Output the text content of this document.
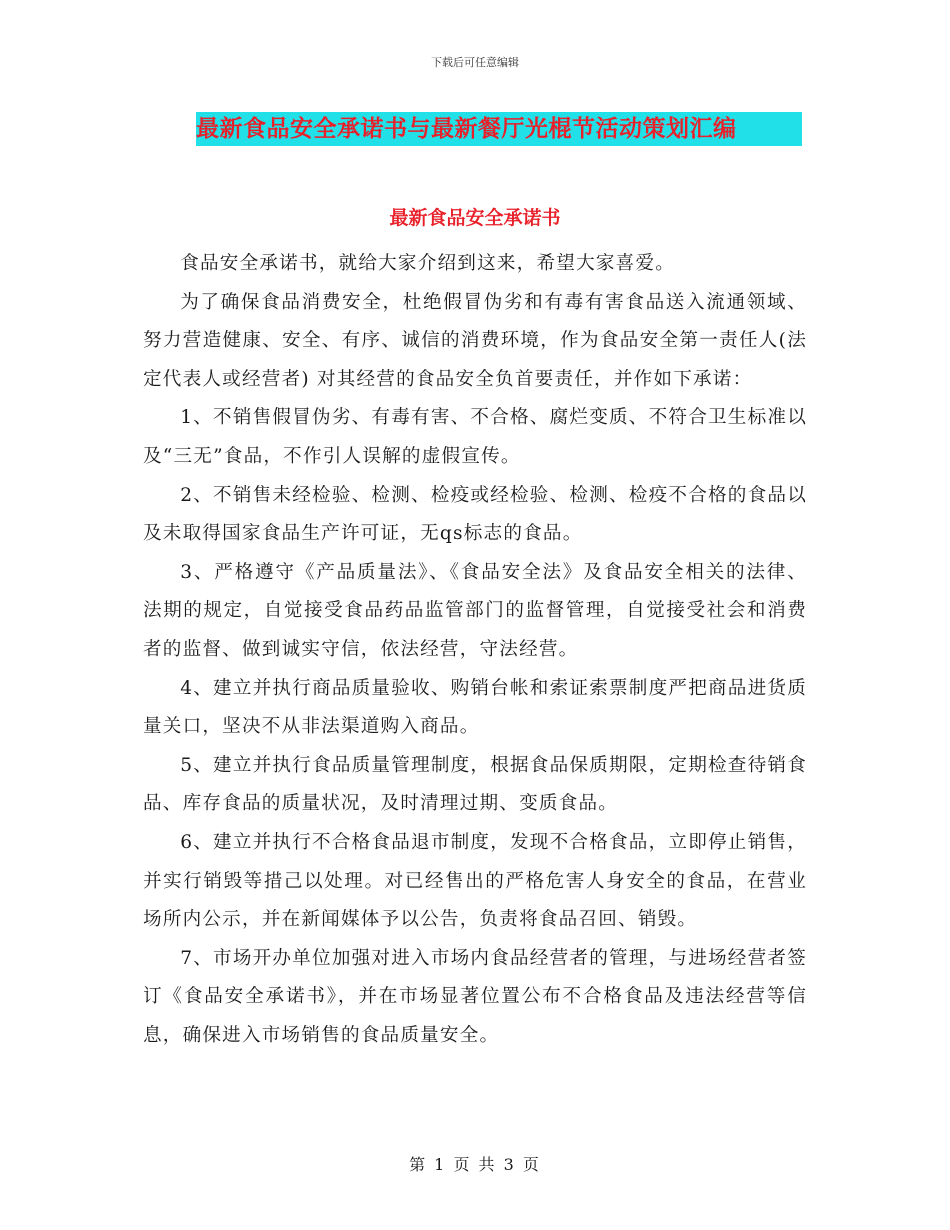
下载后可任意编辑
最新食品安全承诺书与最新餐厅光棍节活动策划汇编
最新食品安全承诺书

食品安全承诺书，就给大家介绍到这来，希望大家喜爱。

为了确保食品消费安全，杜绝假冒伪劣和有毒有害食品送入流通领域、努力营造健康、安全、有序、诚信的消费环境，作为食品安全第一责任人(法定代表人或经营者) 对其经营的食品安全负首要责任，并作如下承诺：

1、不销售假冒伪劣、有毒有害、不合格、腐烂变质、不符合卫生标准以及“三无”食品，不作引人误解的虚假宣传。

2、不销售未经检验、检测、检疫或经检验、检测、检疫不合格的食品以及未取得国家食品生产许可证，无qs标志的食品。

3、严格遵守《产品质量法》、《食品安全法》及食品安全相关的法律、法期的规定，自觉接受食品药品监管部门的监督管理，自觉接受社会和消费者的监督、做到诚实守信，依法经营，守法经营。

4、建立并执行商品质量验收、购销台帐和索证索票制度严把商品进货质量关口，坚决不从非法渠道购入商品。

5、建立并执行食品质量管理制度，根据食品保质期限，定期检查待销食品、库存食品的质量状况，及时清理过期、变质食品。

6、建立并执行不合格食品退市制度，发现不合格食品，立即停止销售，并实行销毁等措己以处理。对已经售出的严格危害人身安全的食品，在营业场所内公示，并在新闻媒体予以公告，负责将食品召回、销毁。

7、市场开办单位加强对进入市场内食品经营者的管理，与进场经营者签订《食品安全承诺书》，并在市场显著位置公布不合格食品及违法经营等信息，确保进入市场销售的食品质量安全。

第 1 页 共 3 页
